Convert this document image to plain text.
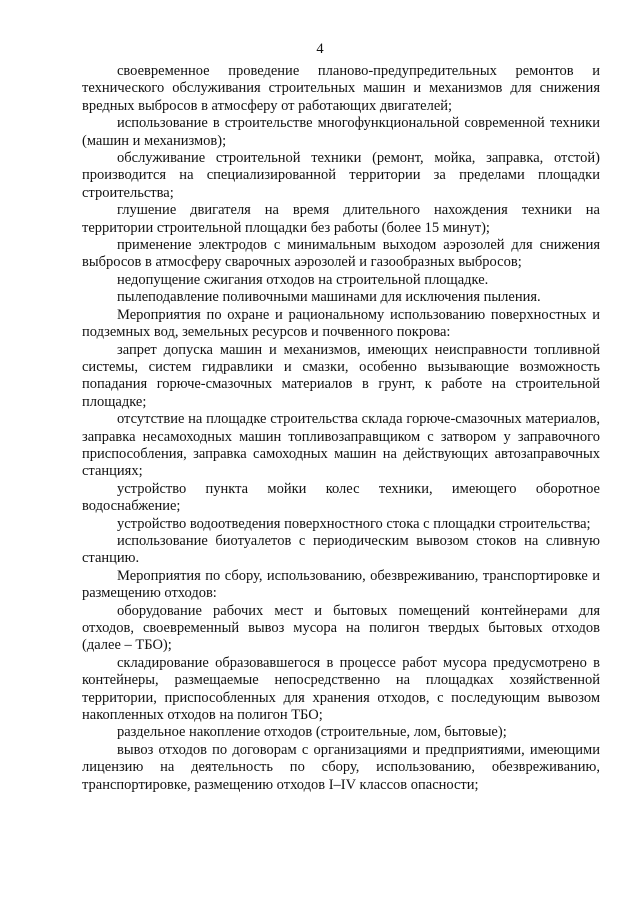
4

своевременное проведение планово-предупредительных ремонтов и технического обслуживания строительных машин и механизмов для снижения вредных выбросов в атмосферу от работающих двигателей;

использование в строительстве многофункциональной современной техники (машин и механизмов);

обслуживание строительной техники (ремонт, мойка, заправка, отстой) производится на специализированной территории за пределами площадки строительства;

глушение двигателя на время длительного нахождения техники на территории строительной площадки без работы (более 15 минут);

применение электродов с минимальным выходом аэрозолей для снижения выбросов в атмосферу сварочных аэрозолей и газообразных выбросов;

недопущение сжигания отходов на строительной площадке.

пылеподавление поливочными машинами для исключения пыления.

Мероприятия по охране и рациональному использованию поверхностных и подземных вод, земельных ресурсов и почвенного покрова:

запрет допуска машин и механизмов, имеющих неисправности топливной системы, систем гидравлики и смазки, особенно вызывающие возможность попадания горюче-смазочных материалов в грунт, к работе на строительной площадке;

отсутствие на площадке строительства склада горюче-смазочных материалов, заправка несамоходных машин топливозаправщиком с затвором у заправочного приспособления, заправка самоходных машин на действующих автозаправочных станциях;

устройство пункта мойки колес техники, имеющего оборотное водоснабжение;

устройство водоотведения поверхностного стока с площадки строительства;

использование биотуалетов с периодическим вывозом стоков на сливную станцию.

Мероприятия по сбору, использованию, обезвреживанию, транспортировке и размещению отходов:

оборудование рабочих мест и бытовых помещений контейнерами для отходов, своевременный вывоз мусора на полигон твердых бытовых отходов (далее – ТБО);

складирование образовавшегося в процессе работ мусора предусмотрено в контейнеры, размещаемые непосредственно на площадках хозяйственной территории, приспособленных для хранения отходов, с последующим вывозом накопленных отходов на полигон ТБО;

раздельное накопление отходов (строительные, лом, бытовые);

вывоз отходов по договорам с организациями и предприятиями, имеющими лицензию на деятельность по сбору, использованию, обезвреживанию, транспортировке, размещению отходов I–IV классов опасности;
